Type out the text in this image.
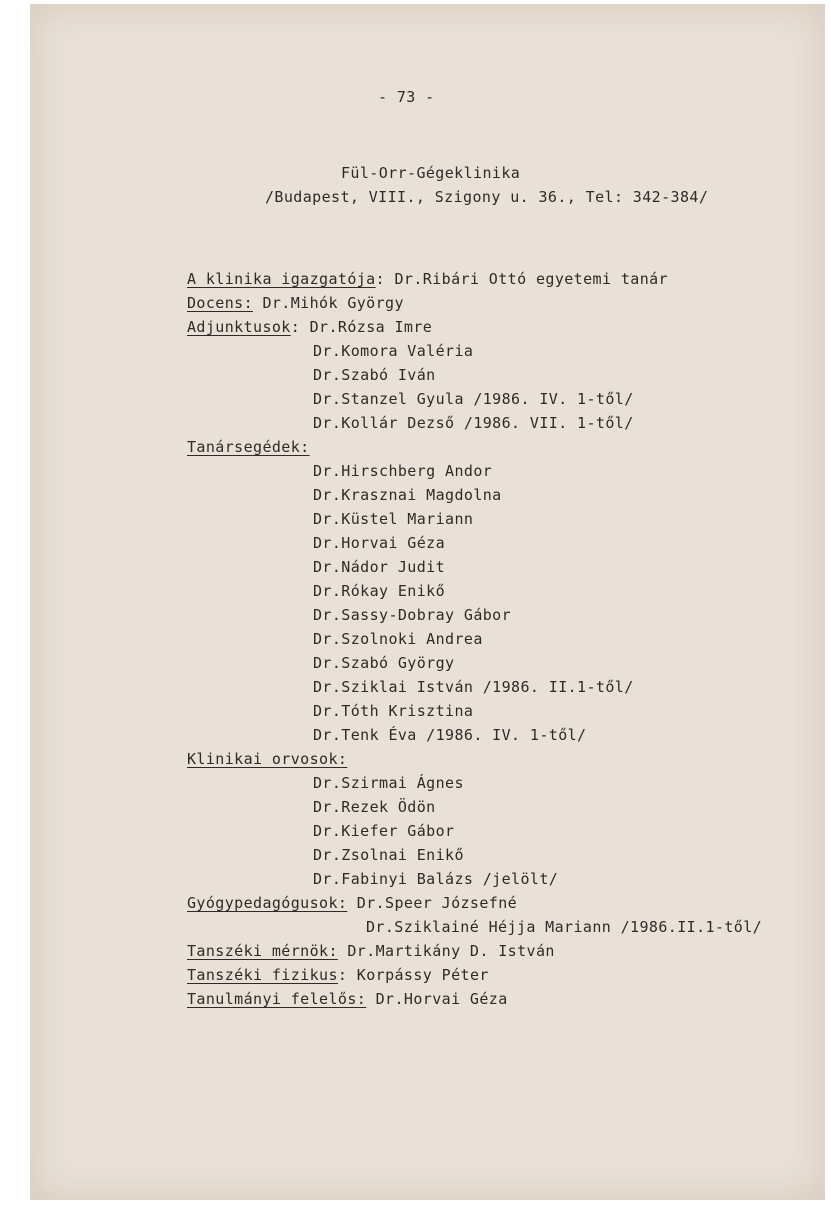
- 73 -
Fül-Orr-Gégeklinika
/Budapest, VIII., Szigony u. 36., Tel: 342-384/
A klinika igazgatója: Dr.Ribári Ottó egyetemi tanár
Docens: Dr.Mihók György
Adjunktusok: Dr.Rózsa Imre
Dr.Komora Valéria
Dr.Szabó Iván
Dr.Stanzel Gyula /1986. IV. 1-től/
Dr.Kollár Dezső /1986. VII. 1-től/
Tanársegédek:
Dr.Hirschberg Andor
Dr.Krasznai Magdolna
Dr.Küstel Mariann
Dr.Horvai Géza
Dr.Nádor Judit
Dr.Rókay Enikő
Dr.Sassy-Dobray Gábor
Dr.Szolnoki Andrea
Dr.Szabó György
Dr.Sziklai István /1986. II.1-től/
Dr.Tóth Krisztina
Dr.Tenk Éva /1986. IV. 1-től/
Klinikai orvosok:
Dr.Szirmai Ágnes
Dr.Rezek Ödön
Dr.Kiefer Gábor
Dr.Zsolnai Enikő
Dr.Fabinyi Balázs /jelölt/
Gyógypedagógusok: Dr.Speer Józsefné
Dr.Sziklainé Héjja Mariann /1986.II.1-től/
Tanszéki mérnök: Dr.Martikány D. István
Tanszéki fizikus: Korpássy Péter
Tanulmányi felelős: Dr.Horvai Géza
